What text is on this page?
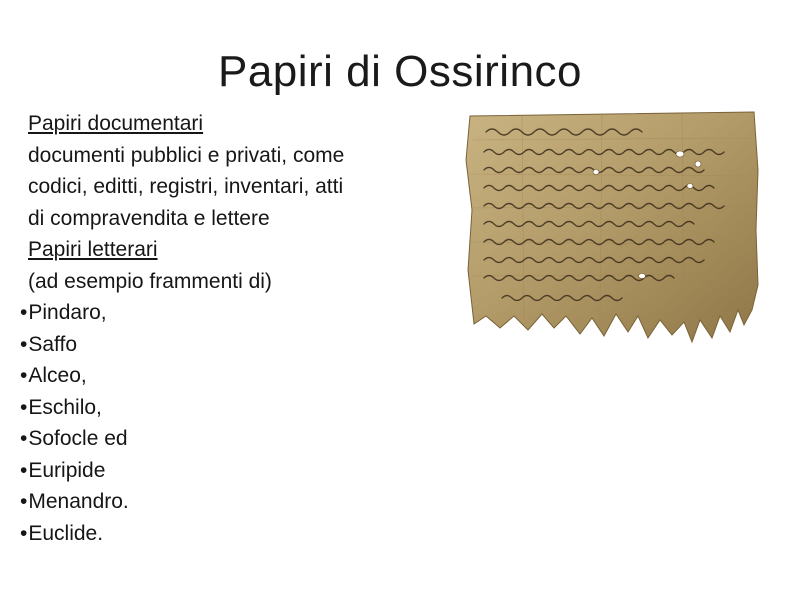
Papiri di Ossirinco
Papiri documentari
documenti pubblici e privati, come
codici, editti, registri, inventari, atti
di compravendita e lettere
Papiri letterari
(ad esempio frammenti di)
• Pindaro,
• Saffo
• Alceo,
• Eschilo,
• Sofocle ed
• Euripide
• Menandro.
• Euclide.
